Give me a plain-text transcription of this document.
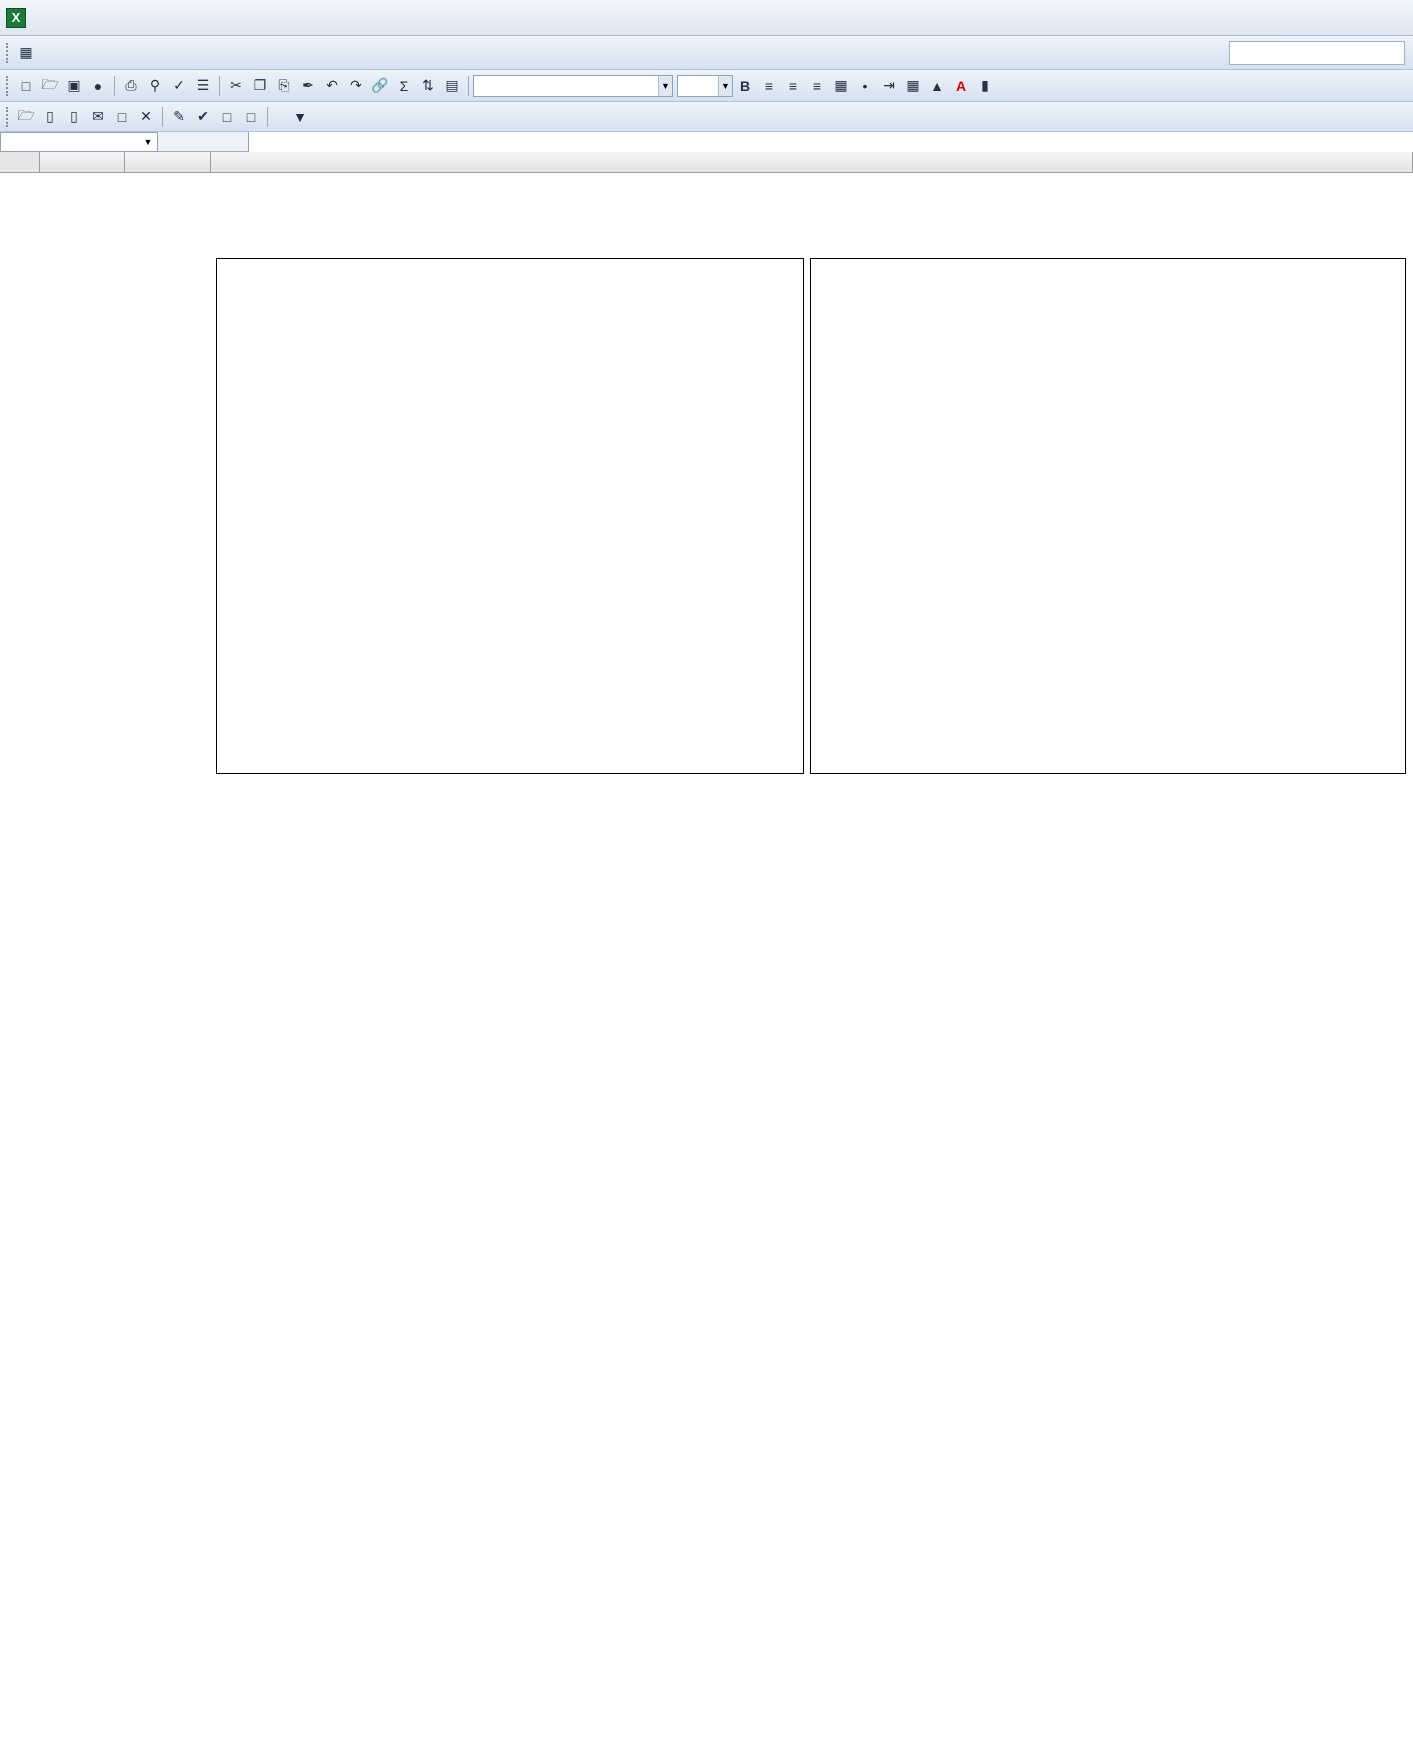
X
▦
□ 🗁 ▣ ●	⎙ ⚲ ✓ ☰	✂ ❐ ⎘ ✒ ↶ ↷ 🔗 Σ ⇅ ▤	▼	▼ B	≡	≡	≡ ▦	•	⇥ ▦ ▲ A	▮
🗁 ▯	▯	✉ □ ✕	✎ ✔ □	□	▼
▼
